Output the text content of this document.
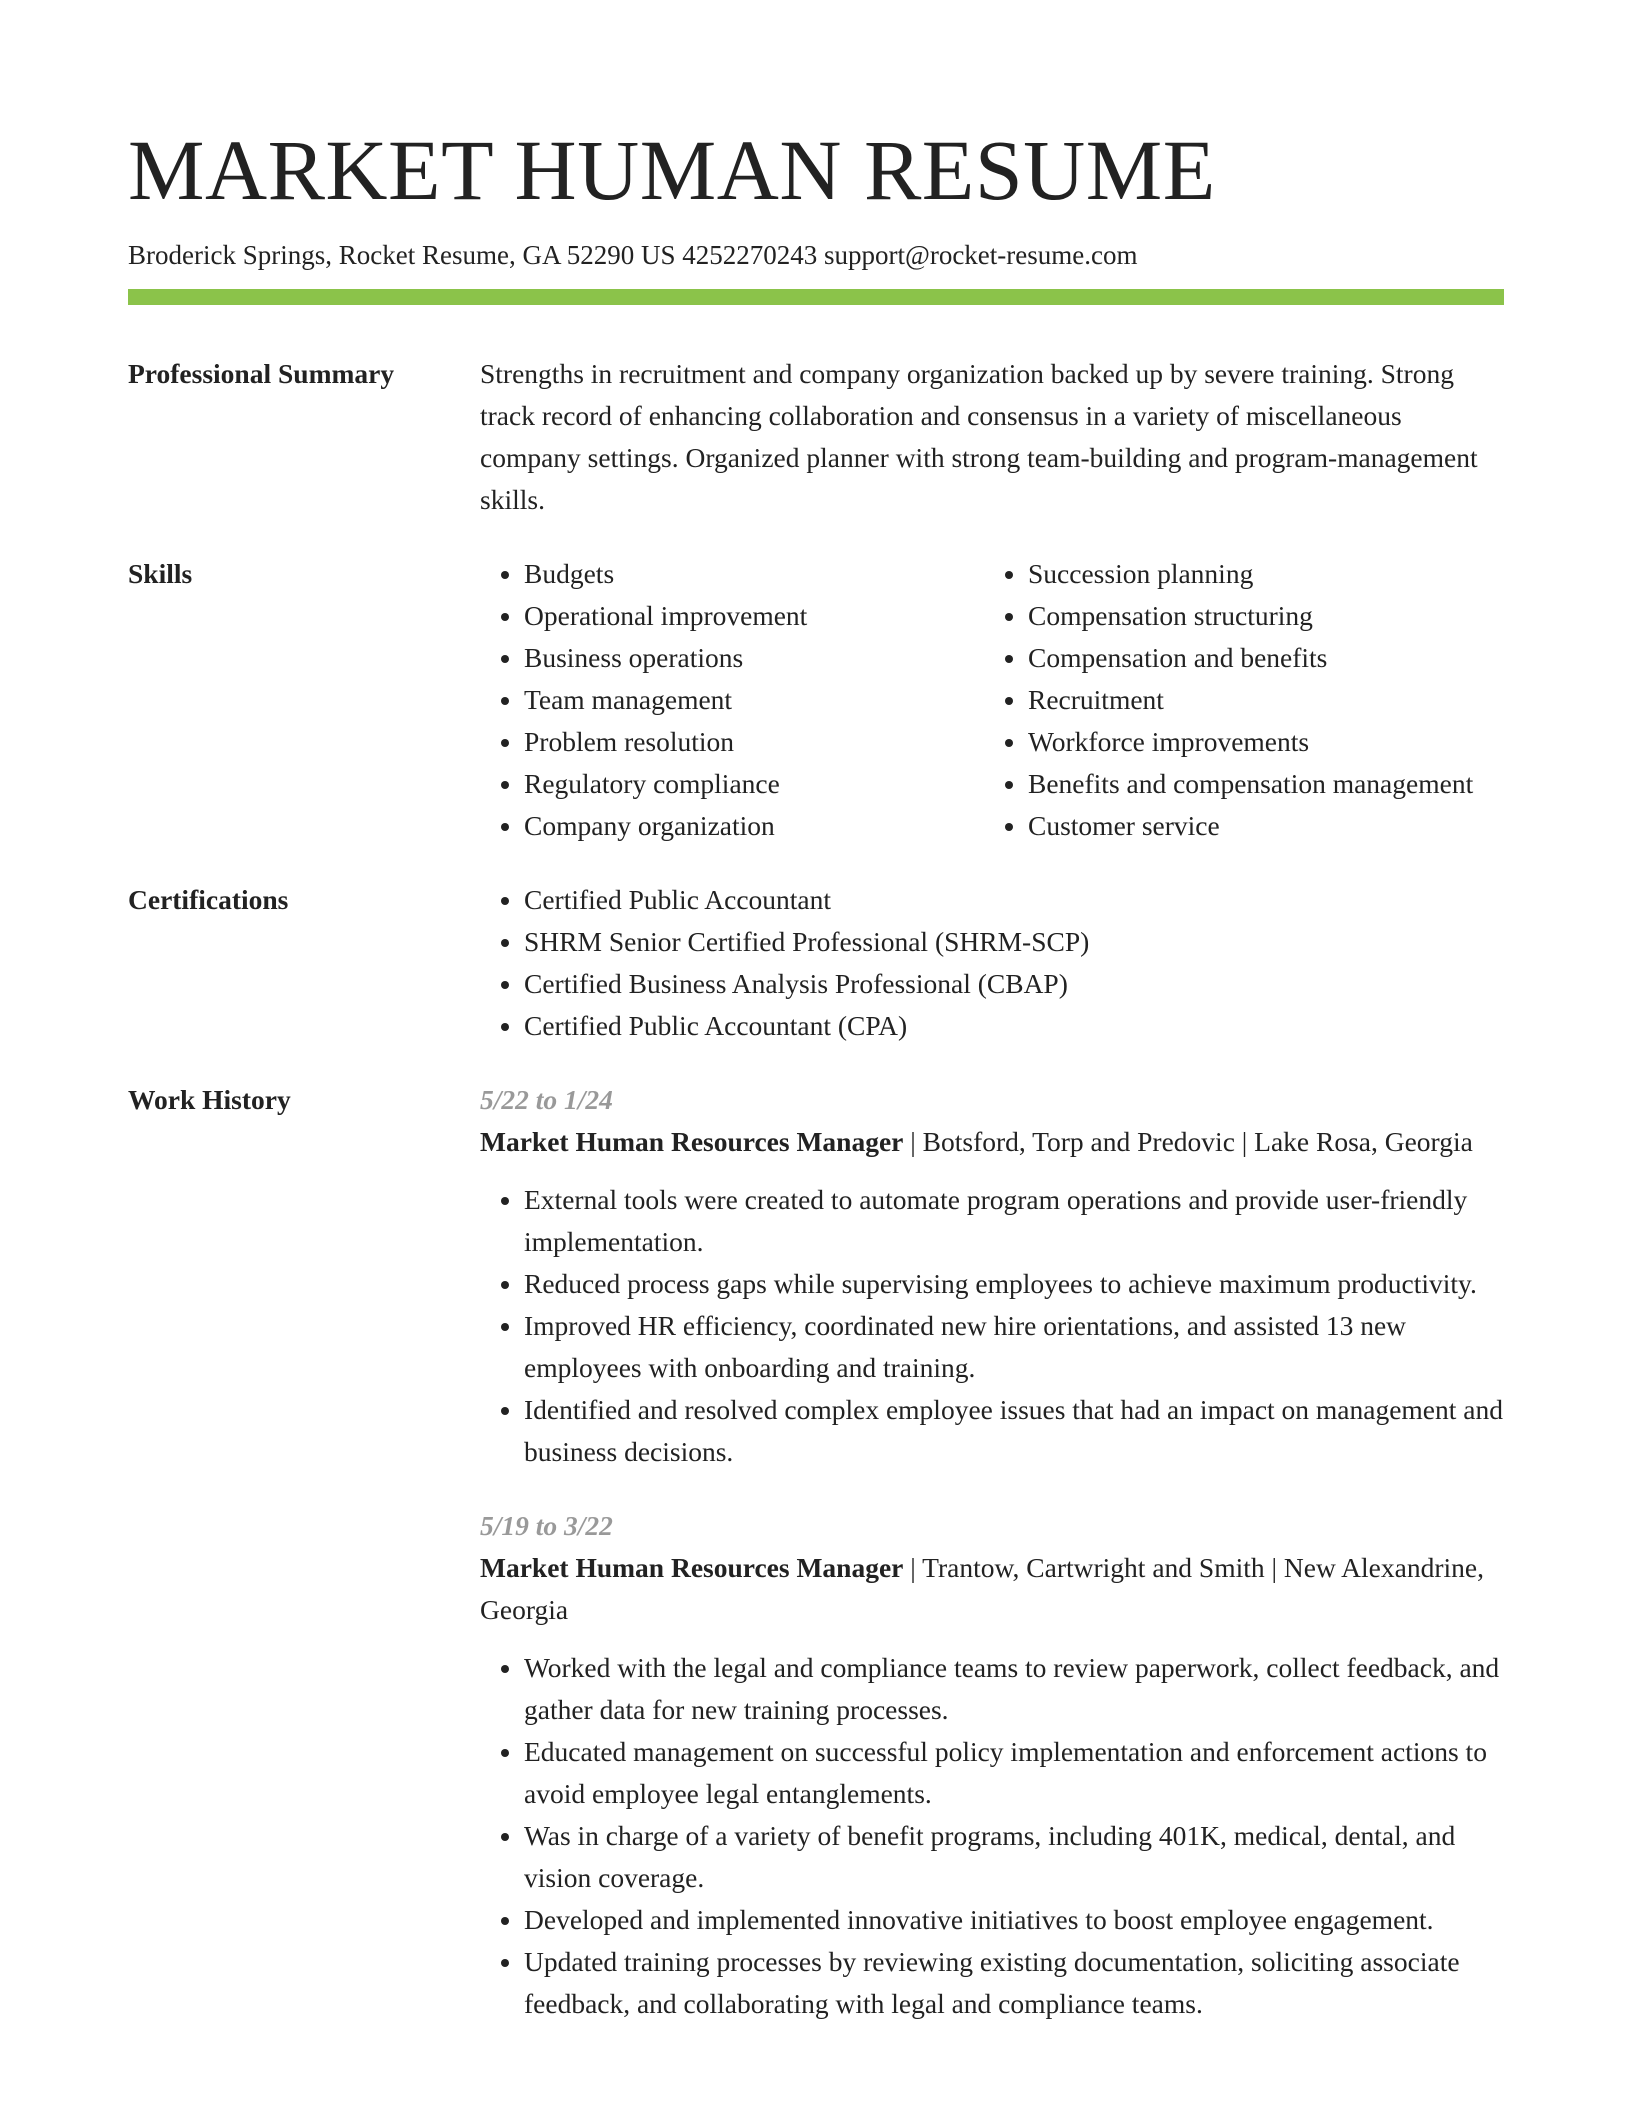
MARKET HUMAN RESUME
Broderick Springs, Rocket Resume, GA 52290 US 4252270243 support@rocket-resume.com
Professional Summary	Strengths in recruitment and company organization backed up by severe training. Strong track record of enhancing collaboration and consensus in a variety of miscellaneous company settings. Organized planner with strong team-building and program-management skills.
Skills	• Budgets
• Operational improvement
• Business operations
• Team management
• Problem resolution
• Regulatory compliance
• Company organization
• Succession planning
• Compensation structuring
• Compensation and benefits
• Recruitment
• Workforce improvements
• Benefits and compensation management
• Customer service
Certifications	• Certified Public Accountant
• SHRM Senior Certified Professional (SHRM-SCP)
• Certified Business Analysis Professional (CBAP)
• Certified Public Accountant (CPA)
Work History	5/22 to 1/24
Market Human Resources Manager | Botsford, Torp and Predovic | Lake Rosa, Georgia
• External tools were created to automate program operations and provide user-friendly implementation.
• Reduced process gaps while supervising employees to achieve maximum productivity.
• Improved HR efficiency, coordinated new hire orientations, and assisted 13 new employees with onboarding and training.
• Identified and resolved complex employee issues that had an impact on management and business decisions.
5/19 to 3/22
Market Human Resources Manager | Trantow, Cartwright and Smith | New Alexandrine, Georgia
• Worked with the legal and compliance teams to review paperwork, collect feedback, and gather data for new training processes.
• Educated management on successful policy implementation and enforcement actions to avoid employee legal entanglements.
• Was in charge of a variety of benefit programs, including 401K, medical, dental, and vision coverage.
• Developed and implemented innovative initiatives to boost employee engagement.
• Updated training processes by reviewing existing documentation, soliciting associate feedback, and collaborating with legal and compliance teams.
